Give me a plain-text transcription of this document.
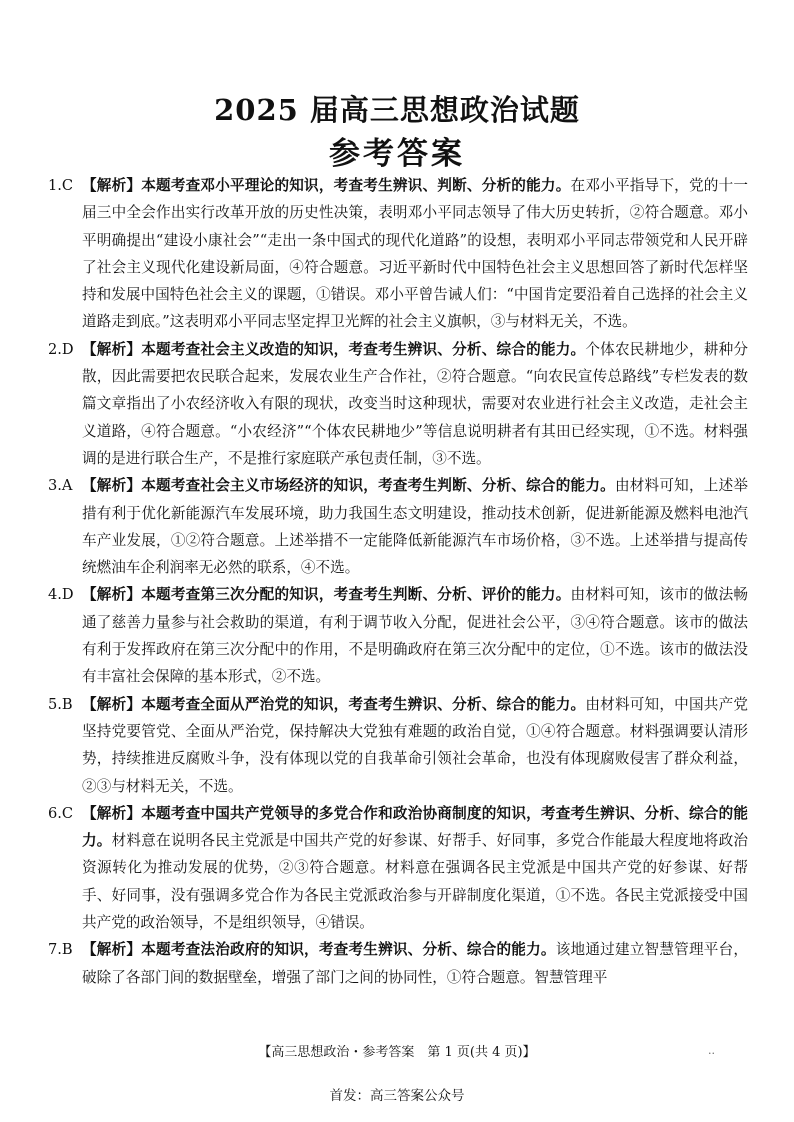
2025 届高三思想政治试题
参考答案
1.C 【解析】本题考查邓小平理论的知识，考查考生辨识、判断、分析的能力。在邓小平指导下，党的十一届三中全会作出实行改革开放的历史性决策，表明邓小平同志领导了伟大历史转折，②符合题意。邓小平明确提出“建设小康社会”“走出一条中国式的现代化道路”的设想，表明邓小平同志带领党和人民开辟了社会主义现代化建设新局面，④符合题意。习近平新时代中国特色社会主义思想回答了新时代怎样坚持和发展中国特色社会主义的课题，①错误。邓小平曾告诫人们：“中国肯定要沿着自己选择的社会主义道路走到底。”这表明邓小平同志坚定捍卫光辉的社会主义旗帜，③与材料无关，不选。
2.D 【解析】本题考查社会主义改造的知识，考查考生辨识、分析、综合的能力。个体农民耕地少，耕种分散，因此需要把农民联合起来，发展农业生产合作社，②符合题意。“向农民宣传总路线”专栏发表的数篇文章指出了小农经济收入有限的现状，改变当时这种现状，需要对农业进行社会主义改造，走社会主义道路，④符合题意。“小农经济”“个体农民耕地少”等信息说明耕者有其田已经实现，①不选。材料强调的是进行联合生产，不是推行家庭联产承包责任制，③不选。
3.A 【解析】本题考查社会主义市场经济的知识，考查考生判断、分析、综合的能力。由材料可知，上述举措有利于优化新能源汽车发展环境，助力我国生态文明建设，推动技术创新，促进新能源及燃料电池汽车产业发展，①②符合题意。上述举措不一定能降低新能源汽车市场价格，③不选。上述举措与提高传统燃油车企利润率无必然的联系，④不选。
4.D 【解析】本题考查第三次分配的知识，考查考生判断、分析、评价的能力。由材料可知，该市的做法畅通了慈善力量参与社会救助的渠道，有利于调节收入分配，促进社会公平，③④符合题意。该市的做法有利于发挥政府在第三次分配中的作用，不是明确政府在第三次分配中的定位，①不选。该市的做法没有丰富社会保障的基本形式，②不选。
5.B 【解析】本题考查全面从严治党的知识，考查考生辨识、分析、综合的能力。由材料可知，中国共产党坚持党要管党、全面从严治党，保持解决大党独有难题的政治自觉，①④符合题意。材料强调要认清形势，持续推进反腐败斗争，没有体现以党的自我革命引领社会革命，也没有体现腐败侵害了群众利益，②③与材料无关，不选。
6.C 【解析】本题考查中国共产党领导的多党合作和政治协商制度的知识，考查考生辨识、分析、综合的能力。材料意在说明各民主党派是中国共产党的好参谋、好帮手、好同事，多党合作能最大程度地将政治资源转化为推动发展的优势，②③符合题意。材料意在强调各民主党派是中国共产党的好参谋、好帮手、好同事，没有强调多党合作为各民主党派政治参与开辟制度化渠道，①不选。各民主党派接受中国共产党的政治领导，不是组织领导，④错误。
7.B 【解析】本题考查法治政府的知识，考查考生辨识、分析、综合的能力。该地通过建立智慧管理平台，破除了各部门间的数据壁垒，增强了部门之间的协同性，①符合题意。智慧管理平
【高三思想政治・参考答案　第 1 页(共 4 页)】	..
首发：高三答案公众号
